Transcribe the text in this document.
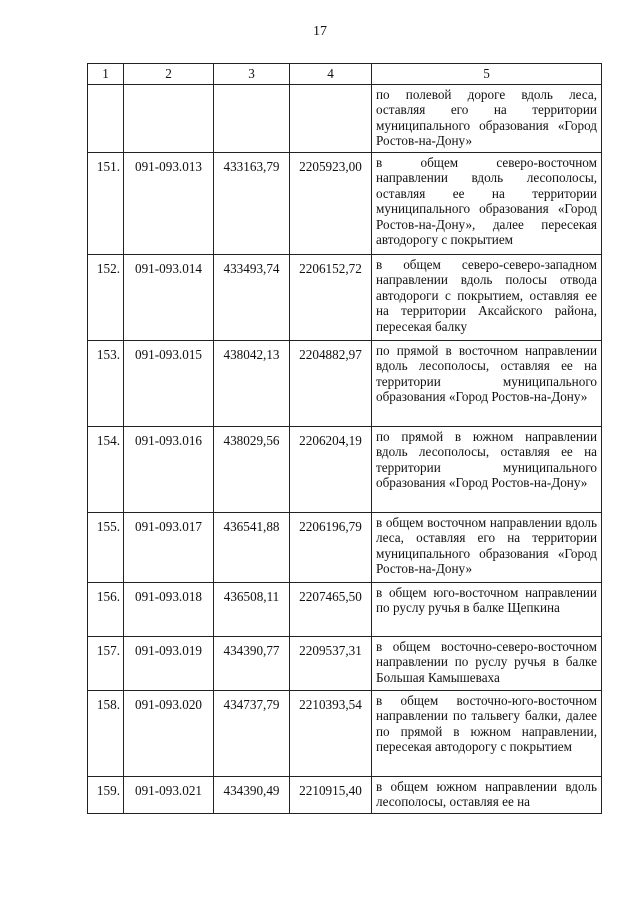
17
1	2	3	4	5
				по полевой дороге вдоль леса, оставляя его на территории муниципального образования «Город Ростов-на-Дону»
151.	091-093.013	433163,79	2205923,00	в общем северо-восточном направлении вдоль лесополосы, оставляя ее на территории муниципального образования «Город Ростов-на-Дону», далее пересекая автодорогу с покрытием
152.	091-093.014	433493,74	2206152,72	в общем северо-северо-западном направлении вдоль полосы отвода автодороги с покрытием, оставляя ее на территории Аксайского района, пересекая балку
153.	091-093.015	438042,13	2204882,97	по прямой в восточном направлении вдоль лесополосы, оставляя ее на территории муниципального образования «Город Ростов-на-Дону»
154.	091-093.016	438029,56	2206204,19	по прямой в южном направлении вдоль лесополосы, оставляя ее на территории муниципального образования «Город Ростов-на-Дону»
155.	091-093.017	436541,88	2206196,79	в общем восточном направлении вдоль леса, оставляя его на территории муниципального образования «Город Ростов-на-Дону»
156.	091-093.018	436508,11	2207465,50	в общем юго-восточном направлении по руслу ручья в балке Щепкина
157.	091-093.019	434390,77	2209537,31	в общем восточно-северо-восточном направлении по руслу ручья в балке Большая Камышеваха
158.	091-093.020	434737,79	2210393,54	в общем восточно-юго-восточном направлении по тальвегу балки, далее по прямой в южном направлении, пересекая автодорогу с покрытием
159.	091-093.021	434390,49	2210915,40	в общем южном направлении вдоль лесополосы, оставляя ее на
